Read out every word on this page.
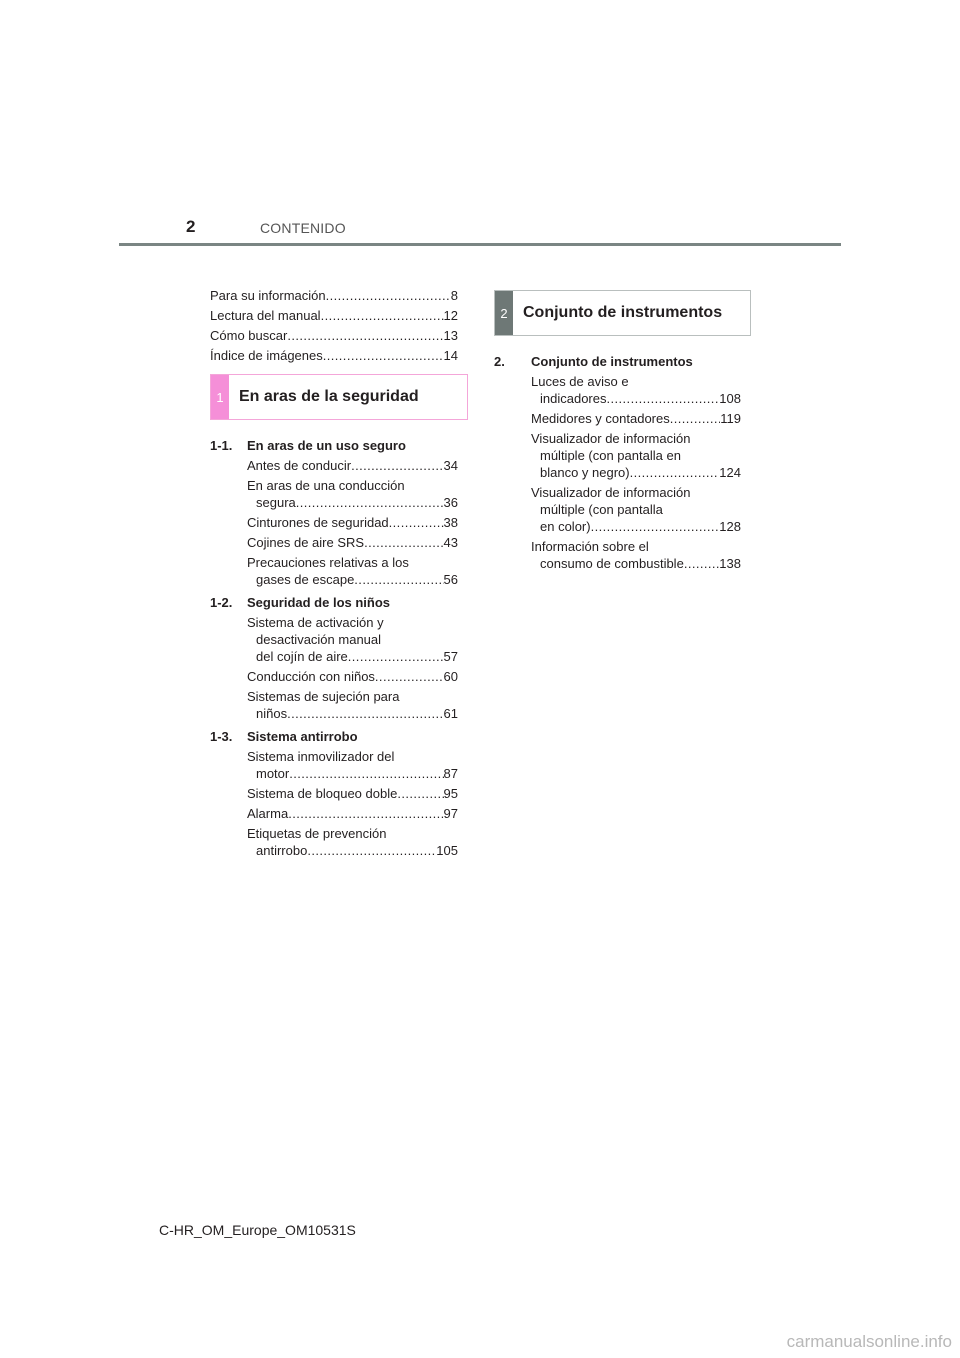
2	CONTENIDO
Para su información .....	8
Lectura del manual .....	12
Cómo buscar .....	13
Índice de imágenes .....	14
1 En aras de la seguridad
1-1.	En aras de un uso seguro
Antes de conducir .....	34
En aras de una conducción
segura .....	36
Cinturones de seguridad .....	38
Cojines de aire SRS .....	43
Precauciones relativas a los
gases de escape .....	56
1-2.	Seguridad de los niños
Sistema de activación y
desactivación manual
del cojín de aire .....	57
Conducción con niños .....	60
Sistemas de sujeción para
niños .....	61
1-3.	Sistema antirrobo
Sistema inmovilizador del
motor .....	87
Sistema de bloqueo doble .....	95
Alarma .....	97
Etiquetas de prevención
antirrobo .....	105
2 Conjunto de instrumentos
2.	Conjunto de instrumentos
Luces de aviso e
indicadores .....	108
Medidores y contadores .....	119
Visualizador de información
múltiple (con pantalla en
blanco y negro) .....	124
Visualizador de información
múltiple (con pantalla
en color) .....	128
Información sobre el
consumo de combustible .....	138
C-HR_OM_Europe_OM10531S
carmanualsonline.info
